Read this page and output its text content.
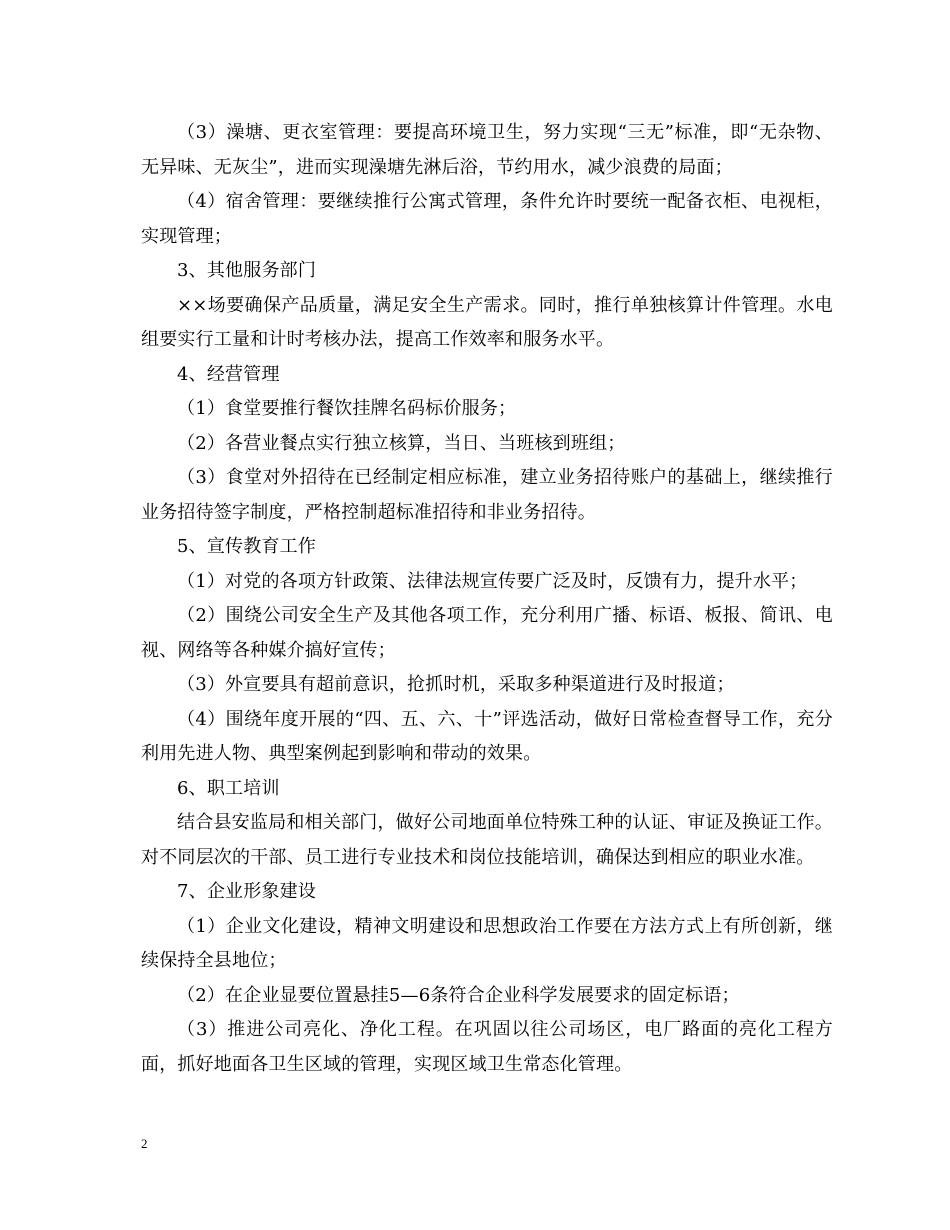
（3）澡塘、更衣室管理：要提高环境卫生，努力实现“三无”标准，即“无杂物、无异味、无灰尘”，进而实现澡塘先淋后浴，节约用水，减少浪费的局面；

（4）宿舍管理：要继续推行公寓式管理，条件允许时要统一配备衣柜、电视柜，实现管理；

3、其他服务部门

××场要确保产品质量，满足安全生产需求。同时，推行单独核算计件管理。水电组要实行工量和计时考核办法，提高工作效率和服务水平。

4、经营管理

（1）食堂要推行餐饮挂牌名码标价服务；

（2）各营业餐点实行独立核算，当日、当班核到班组；

（3）食堂对外招待在已经制定相应标准，建立业务招待账户的基础上，继续推行业务招待签字制度，严格控制超标准招待和非业务招待。

5、宣传教育工作

（1）对党的各项方针政策、法律法规宣传要广泛及时，反馈有力，提升水平；

（2）围绕公司安全生产及其他各项工作，充分利用广播、标语、板报、简讯、电视、网络等各种媒介搞好宣传；

（3）外宣要具有超前意识，抢抓时机，采取多种渠道进行及时报道；

（4）围绕年度开展的“四、五、六、十”评选活动，做好日常检查督导工作，充分利用先进人物、典型案例起到影响和带动的效果。

6、职工培训

结合县安监局和相关部门，做好公司地面单位特殊工种的认证、审证及换证工作。对不同层次的干部、员工进行专业技术和岗位技能培训，确保达到相应的职业水准。

7、企业形象建设

（1）企业文化建设，精神文明建设和思想政治工作要在方法方式上有所创新，继续保持全县地位；

（2）在企业显要位置悬挂5—6条符合企业科学发展要求的固定标语；

（3）推进公司亮化、净化工程。在巩固以往公司场区，电厂路面的亮化工程方面，抓好地面各卫生区域的管理，实现区域卫生常态化管理。

2
